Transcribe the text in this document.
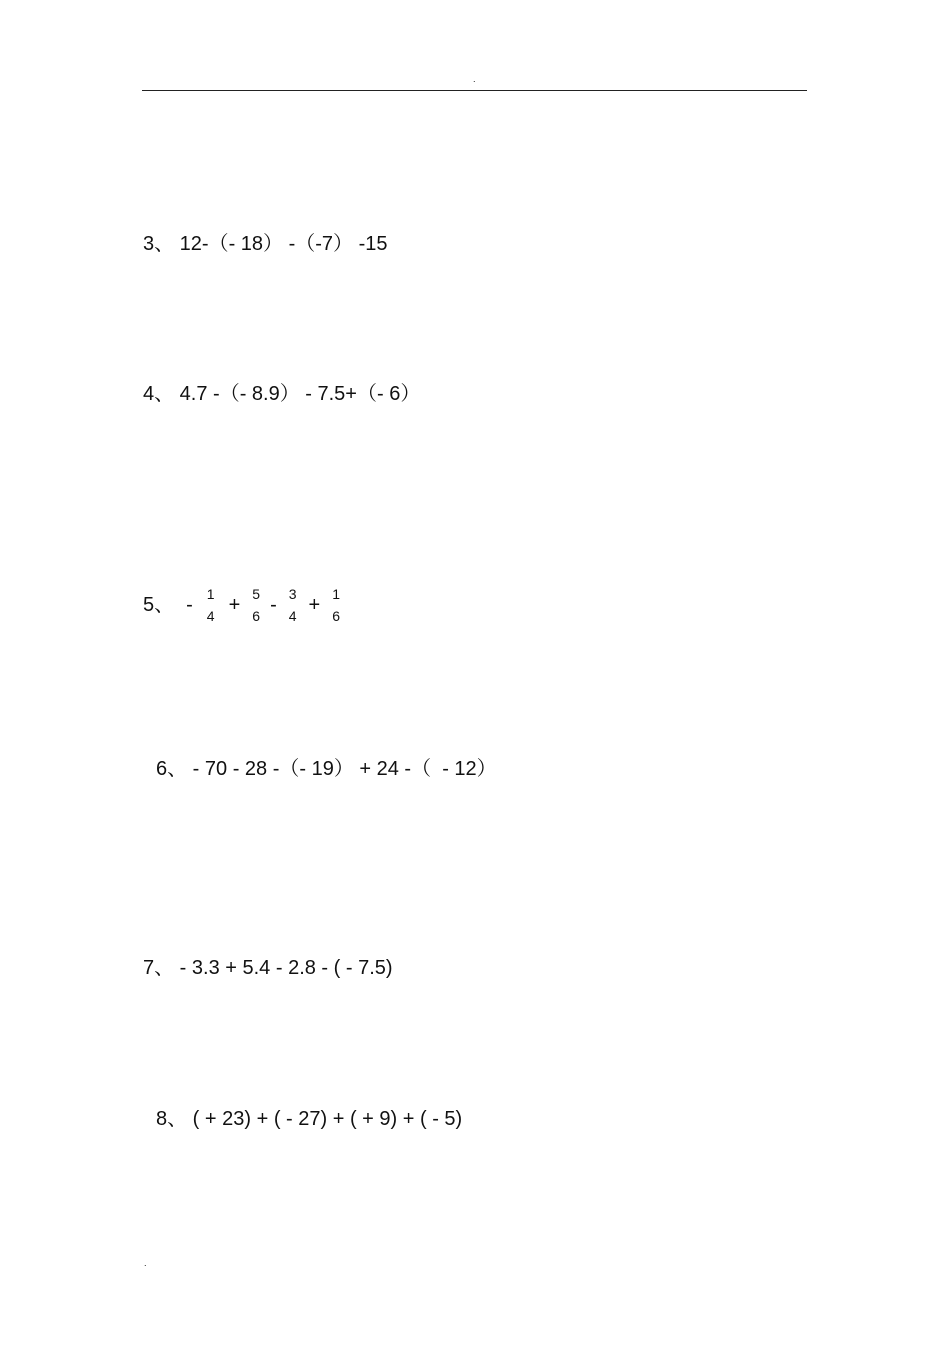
.
3、 12-（- 18） -（-7） -15
4、 4.7 -（- 8.9） - 7.5+（- 6）
5、 -
1
4 +
5
6 -
3
4 +
1
6
6、 - 70 - 28 -（- 19） + 24 -（  - 12）
7、 - 3.3 + 5.4 - 2.8 - ( - 7.5)
8、 ( + 23) + ( - 27) + ( + 9) + ( - 5)
.
